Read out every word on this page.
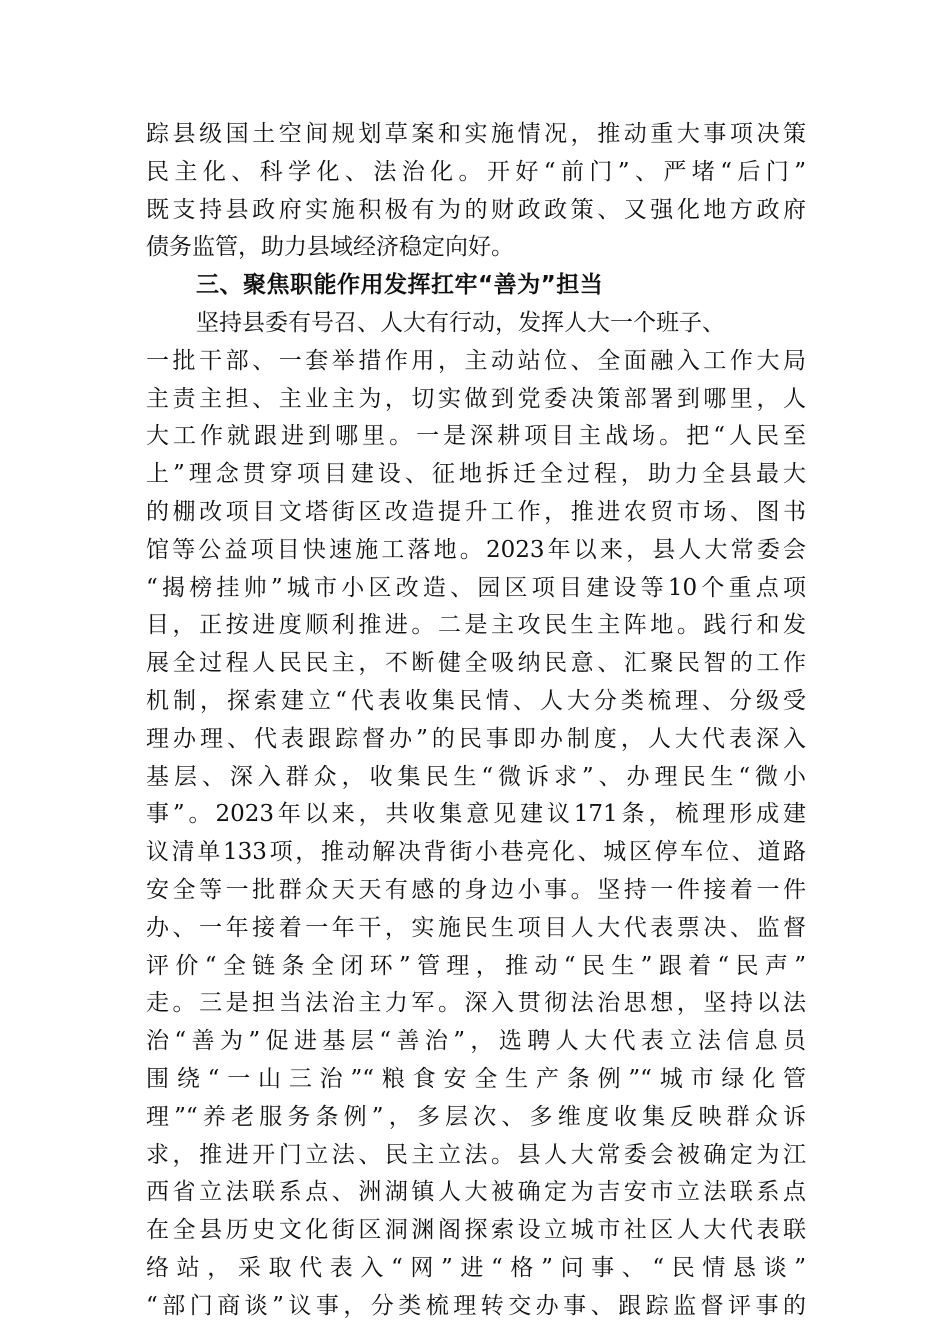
踪县级国土空间规划草案和实施情况，推动重大事项决策
民主化、科学化、法治化。开好“前门”、严堵“后门”
既支持县政府实施积极有为的财政政策、又强化地方政府
债务监管，助力县域经济稳定向好。
三、聚焦职能作用发挥扛牢“善为”担当
坚持县委有号召、人大有行动，发挥人大一个班子、
一批干部、一套举措作用，主动站位、全面融入工作大局
主责主担、主业主为，切实做到党委决策部署到哪里，人
大工作就跟进到哪里。一是深耕项目主战场。把“人民至
上”理念贯穿项目建设、征地拆迁全过程，助力全县最大
的棚改项目文塔街区改造提升工作，推进农贸市场、图书
馆等公益项目快速施工落地。2023年以来，县人大常委会
“揭榜挂帅”城市小区改造、园区项目建设等10个重点项
目，正按进度顺利推进。二是主攻民生主阵地。践行和发
展全过程人民民主，不断健全吸纳民意、汇聚民智的工作
机制，探索建立“代表收集民情、人大分类梳理、分级受
理办理、代表跟踪督办”的民事即办制度，人大代表深入
基层、深入群众，收集民生“微诉求”、办理民生“微小
事”。2023年以来，共收集意见建议171条，梳理形成建
议清单133项，推动解决背街小巷亮化、城区停车位、道路
安全等一批群众天天有感的身边小事。坚持一件接着一件
办、一年接着一年干，实施民生项目人大代表票决、监督
评价“全链条全闭环”管理，推动“民生”跟着“民声”
走。三是担当法治主力军。深入贯彻法治思想，坚持以法
治“善为”促进基层“善治”，选聘人大代表立法信息员
围绕“一山三治”“粮食安全生产条例”“城市绿化管
理”“养老服务条例”，多层次、多维度收集反映群众诉
求，推进开门立法、民主立法。县人大常委会被确定为江
西省立法联系点、洲湖镇人大被确定为吉安市立法联系点
在全县历史文化街区洞渊阁探索设立城市社区人大代表联
络站，采取代表入“网”进“格”问事、“民情恳谈”
“部门商谈”议事，分类梳理转交办事、跟踪监督评事的
